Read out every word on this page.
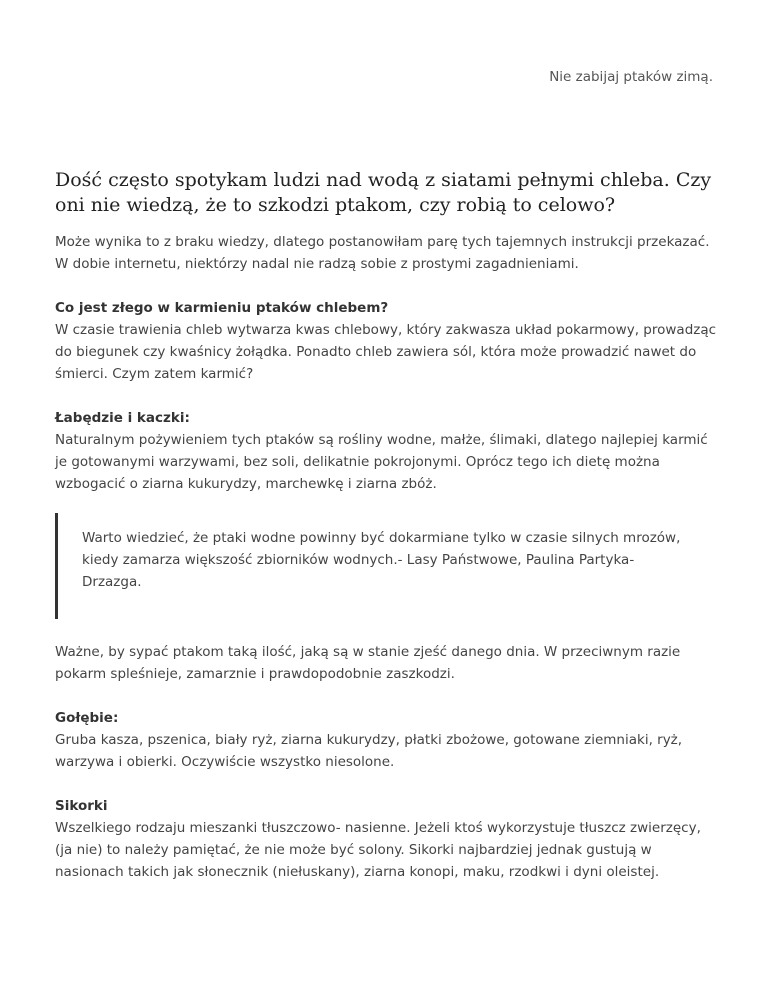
Nie zabijaj ptaków zimą.
Dość często spotykam ludzi nad wodą z siatami pełnymi chleba. Czy oni nie wiedzą, że to szkodzi ptakom, czy robią to celowo?

Może wynika to z braku wiedzy, dlatego postanowiłam parę tych tajemnych instrukcji przekazać. W dobie internetu, niektórzy nadal nie radzą sobie z prostymi zagadnieniami.

Co jest złego w karmieniu ptaków chlebem?

W czasie trawienia chleb wytwarza kwas chlebowy, który zakwasza układ pokarmowy, prowadząc do biegunek czy kwaśnicy żołądka. Ponadto chleb zawiera sól, która może prowadzić nawet do śmierci. Czym zatem karmić?

Łabędzie i kaczki:

Naturalnym pożywieniem tych ptaków są rośliny wodne, małże, ślimaki, dlatego najlepiej karmić je gotowanymi warzywami, bez soli, delikatnie pokrojonymi. Oprócz tego ich dietę można wzbogacić o ziarna kukurydzy, marchewkę i ziarna zbóż.

Warto wiedzieć, że ptaki wodne powinny być dokarmiane tylko w czasie silnych mrozów, kiedy zamarza większość zbiorników wodnych.- Lasy Państwowe, Paulina Partyka- Drzazga.

Ważne, by sypać ptakom taką ilość, jaką są w stanie zjeść danego dnia. W przeciwnym razie pokarm spleśnieje, zamarznie i prawdopodobnie zaszkodzi.

Gołębie:

Gruba kasza, pszenica, biały ryż, ziarna kukurydzy, płatki zbożowe, gotowane ziemniaki, ryż, warzywa i obierki. Oczywiście wszystko niesolone.

Sikorki

Wszelkiego rodzaju mieszanki tłuszczowo- nasienne. Jeżeli ktoś wykorzystuje tłuszcz zwierzęcy, (ja nie) to należy pamiętać, że nie może być solony. Sikorki najbardziej jednak gustują w nasionach takich jak słonecznik (niełuskany), ziarna konopi, maku, rzodkwi i dyni oleistej.
